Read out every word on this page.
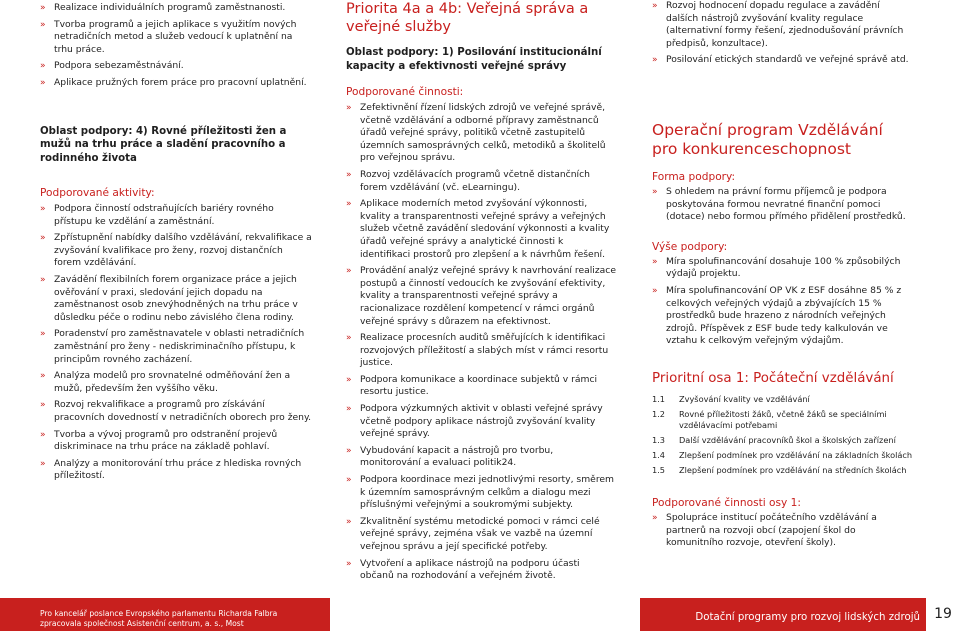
» Realizace individuálních programů zaměstnanosti.
» Tvorba programů a jejich aplikace s využitím nových netradičních metod a služeb vedoucí k uplatnění na trhu práce.
» Podpora sebezaměstnávání.
» Aplikace pružných forem práce pro pracovní uplatnění.
Oblast podpory: 4) Rovné příležitosti žen a mužů na trhu práce a sladění pracovního a rodinného života
Podporované aktivity:
» Podpora činností odstraňujících bariéry rovného přístupu ke vzdělání a zaměstnání.
» Zpřístupnění nabídky dalšího vzdělávání, rekvalifikace a zvyšování kvalifikace pro ženy, rozvoj distančních forem vzdělávání.
» Zavádění flexibilních forem organizace práce a jejich ověřování v praxi, sledování jejich dopadu na zaměstnanost osob znevýhodněných na trhu práce v důsledku péče o rodinu nebo závislého člena rodiny.
» Poradenství pro zaměstnavatele v oblasti netradičních zaměstnání pro ženy - nediskriminačního přístupu, k principům rovného zacházení.
» Analýza modelů pro srovnatelné odměňování žen a mužů, především žen vyššího věku.
» Rozvoj rekvalifikace a programů pro získávání pracovních dovedností v netradičních oborech pro ženy.
» Tvorba a vývoj programů pro odstranění projevů diskriminace na trhu práce na základě pohlaví.
» Analýzy a monitorování trhu práce z hlediska rovných příležitostí.
Priorita 4a a 4b: Veřejná správa a veřejné služby
Oblast podpory: 1) Posilování institucionální kapacity a efektivnosti veřejné správy
Podporované činnosti:
» Zefektivnění řízení lidských zdrojů ve veřejné správě, včetně vzdělávání a odborné přípravy zaměstnanců úřadů veřejné správy, politiků včetně zastupitelů územních samosprávných celků, metodiků a školitelů pro veřejnou správu.
» Rozvoj vzdělávacích programů včetně distančních forem vzdělávání (vč. eLearningu).
» Aplikace moderních metod zvyšování výkonnosti, kvality a transparentnosti veřejné správy a veřejných služeb včetně zavádění sledování výkonnosti a kvality úřadů veřejné správy a analytické činnosti k identifikaci prostorů pro zlepšení a k návrhům řešení.
» Provádění analýz veřejné správy k navrhování realizace postupů a činností vedoucích ke zvyšování efektivity, kvality a transparentnosti veřejné správy a racionalizace rozdělení kompetencí v rámci orgánů veřejné správy s důrazem na efektivnost.
» Realizace procesních auditů směřujících k identifikaci rozvojových příležitostí a slabých míst v rámci resortu justice.
» Podpora komunikace a koordinace subjektů v rámci resortu justice.
» Podpora výzkumných aktivit v oblasti veřejné správy včetně podpory aplikace nástrojů zvyšování kvality veřejné správy.
» Vybudování kapacit a nástrojů pro tvorbu, monitorování a evaluaci politik24.
» Podpora koordinace mezi jednotlivými resorty, směrem k územním samosprávným celkům a dialogu mezi příslušnými veřejnými a soukromými subjekty.
» Zkvalitnění systému metodické pomoci v rámci celé veřejné správy, zejména však ve vazbě na územní veřejnou správu a její specifické potřeby.
» Vytvoření a aplikace nástrojů na podporu účasti občanů na rozhodování a veřejném životě.
» Rozvoj hodnocení dopadu regulace a zavádění dalších nástrojů zvyšování kvality regulace (alternativní formy řešení, zjednodušování právních předpisů, konzultace).
» Posilování etických standardů ve veřejné správě atd.
Operační program Vzdělávání
pro konkurenceschopnost
Forma podpory:
» S ohledem na právní formu příjemců je podpora poskytována formou nevratné finanční pomoci (dotace) nebo formou přímého přidělení prostředků.
Výše podpory:
» Míra spolufinancování dosahuje 100 % způsobilých výdajů projektu.
» Míra spolufinancování OP VK z ESF dosáhne 85 % z celkových veřejných výdajů a zbývajících 15 % prostředků bude hrazeno z národních veřejných zdrojů. Příspěvek z ESF bude tedy kalkulován ve vztahu k celkovým veřejným výdajům.
Prioritní osa 1: Počáteční vzdělávání
1.1	Zvyšování kvality ve vzdělávání
1.2	Rovné příležitosti žáků, včetně žáků se speciálními vzdělávacími potřebami
1.3	Další vzdělávání pracovníků škol a školských zařízení
1.4	Zlepšení podmínek pro vzdělávání na základních školách
1.5	Zlepšení podmínek pro vzdělávání na středních školách
Podporované činnosti osy 1:
» Spolupráce institucí počátečního vzdělávání a partnerů na rozvoji obcí (zapojení škol do komunitního rozvoje, otevření školy).
Pro kancelář poslance Evropského parlamentu Richarda Falbra
zpracovala společnost Asistenční centrum, a. s., Most
Dotační programy pro rozvoj lidských zdrojů	19
